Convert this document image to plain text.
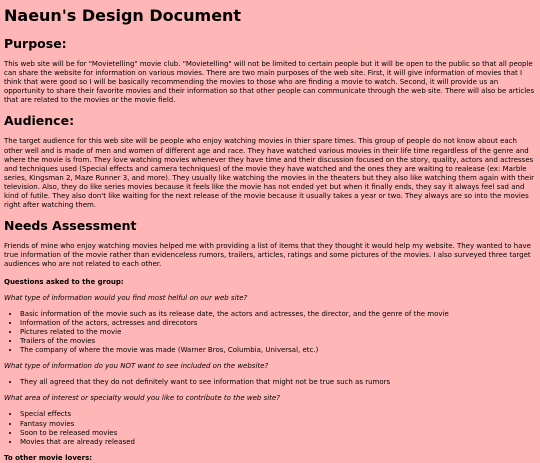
Naeun's Design Document
Purpose:

This web site will be for "Movietelling" movie club. "Movietelling" will not be limited to certain people but it will be open to the public so that all people can share the website for information on various movies. There are two main purposes of the web site. First, it will give information of movies that I think that were good so I will be basically recommending the movies to those who are finding a movie to watch. Second, it will provide us an opportunity to share their favorite movies and their information so that other people can communicate through the web site. There will also be articles that are related to the movies or the movie field.

Audience:

The target audience for this web site will be people who enjoy watching movies in thier spare times. This group of people do not know about each other well and is made of men and women of different age and race. They have watched various movies in their life time regardless of the genre and where the movie is from. They love watching movies whenever they have time and their discussion focused on the story, quality, actors and actresses and techniques used (Special effects and camera techniques) of the movie they have watched and the ones they are waiting to realease (ex: Marble series, Kingsman 2, Maze Runner 3, and more). They usually like watching the movies in the theaters but they also like watching them again with their television. Also, they do like series movies because it feels like the movie has not ended yet but when it finally ends, they say it always feel sad and kind of futile. They also don't like waiting for the next release of the movie because it usually takes a year or two. They always are so into the movies right after watching them.

Needs Assessment

Friends of mine who enjoy watching movies helped me with providing a list of items that they thought it would help my website. They wanted to have true information of the movie rather than evidenceless rumors, trailers, articles, ratings and some pictures of the movies. I also surveyed three target audiences who are not related to each other.

Questions asked to the group:

What type of information would you find most helful on our web site?

• Basic information of the movie such as its release date, the actors and actresses, the director, and the genre of the movie
• Information of the actors, actresses and direcotors
• Pictures related to the movie
• Trailers of the movies
• The company of where the movie was made (Warner Bros, Columbia, Universal, etc.)

What type of information do you NOT want to see included on the website?

• They all agreed that they do not definitely want to see information that might not be true such as rumors

What area of interest or specialty would you like to contribute to the web site?

• Special effects
• Fantasy movies
• Soon to be released movies
• Movies that are already released

To other movie lovers:
